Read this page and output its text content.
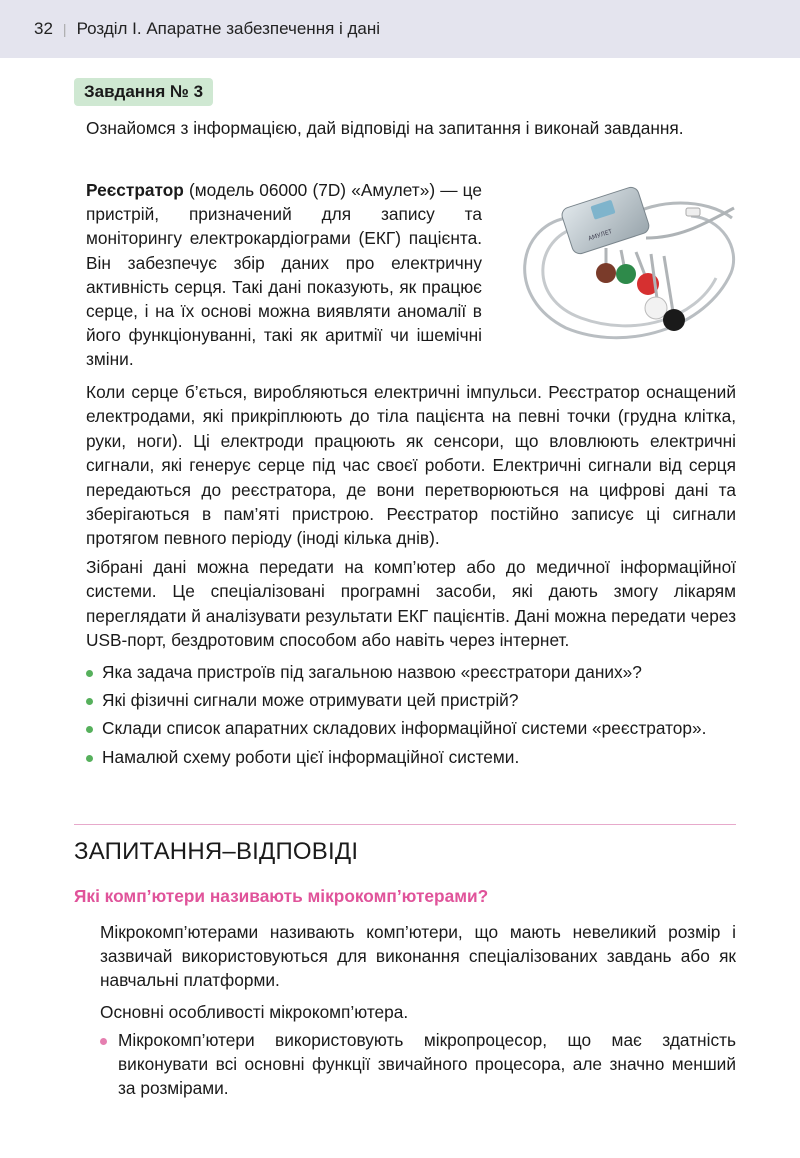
32 | Розділ І. Апаратне забезпечення і дані
Завдання № 3

Ознайомся з інформацією, дай відповіді на запитання і виконай завдання.

Реєстратор (модель 06000 (7D) «Амулет») — це пристрій, призначений для запису та моніторингу електрокардіограми (ЕКГ) пацієнта. Він забезпечує збір даних про електричну активність серця. Такі дані показують, як працює серце, і на їх основі можна виявляти аномалії в його функціонуванні, такі як аритмії чи ішемічні зміни.

АМУЛЕТ

Коли серце б’ється, виробляються електричні імпульси. Реєстратор оснащений електродами, які прикріплюють до тіла пацієнта на певні точки (грудна клітка, руки, ноги). Ці електроди працюють як сенсори, що вловлюють електричні сигнали, які генерує серце під час своєї роботи. Електричні сигнали від серця передаються до реєстратора, де вони перетворюються на цифрові дані та зберігаються в пам’яті пристрою. Реєстратор постійно записує ці сигнали протягом певного періоду (іноді кілька днів).

Зібрані дані можна передати на комп’ютер або до медичної інформаційної системи. Це спеціалізовані програмні засоби, які дають змогу лікарям переглядати й аналізувати результати ЕКГ пацієнтів. Дані можна передати через USB-порт, бездротовим способом або навіть через інтернет.

Яка задача пристроїв під загальною назвою «реєстратори даних»?
Які фізичні сигнали може отримувати цей пристрій?
Склади список апаратних складових інформаційної системи «реєстратор».
Намалюй схему роботи цієї інформаційної системи.
ЗАПИТАННЯ–ВІДПОВІДІ
Які комп’ютери називають мікрокомп’ютерами?

Мікрокомп’ютерами називають комп’ютери, що мають невеликий розмір і зазвичай використовуються для виконання спеціалізованих завдань або як навчальні платформи.

Основні особливості мікрокомп’ютера.

Мікрокомп’ютери використовують мікропроцесор, що має здатність виконувати всі основні функції звичайного процесора, але значно менший за розмірами.
